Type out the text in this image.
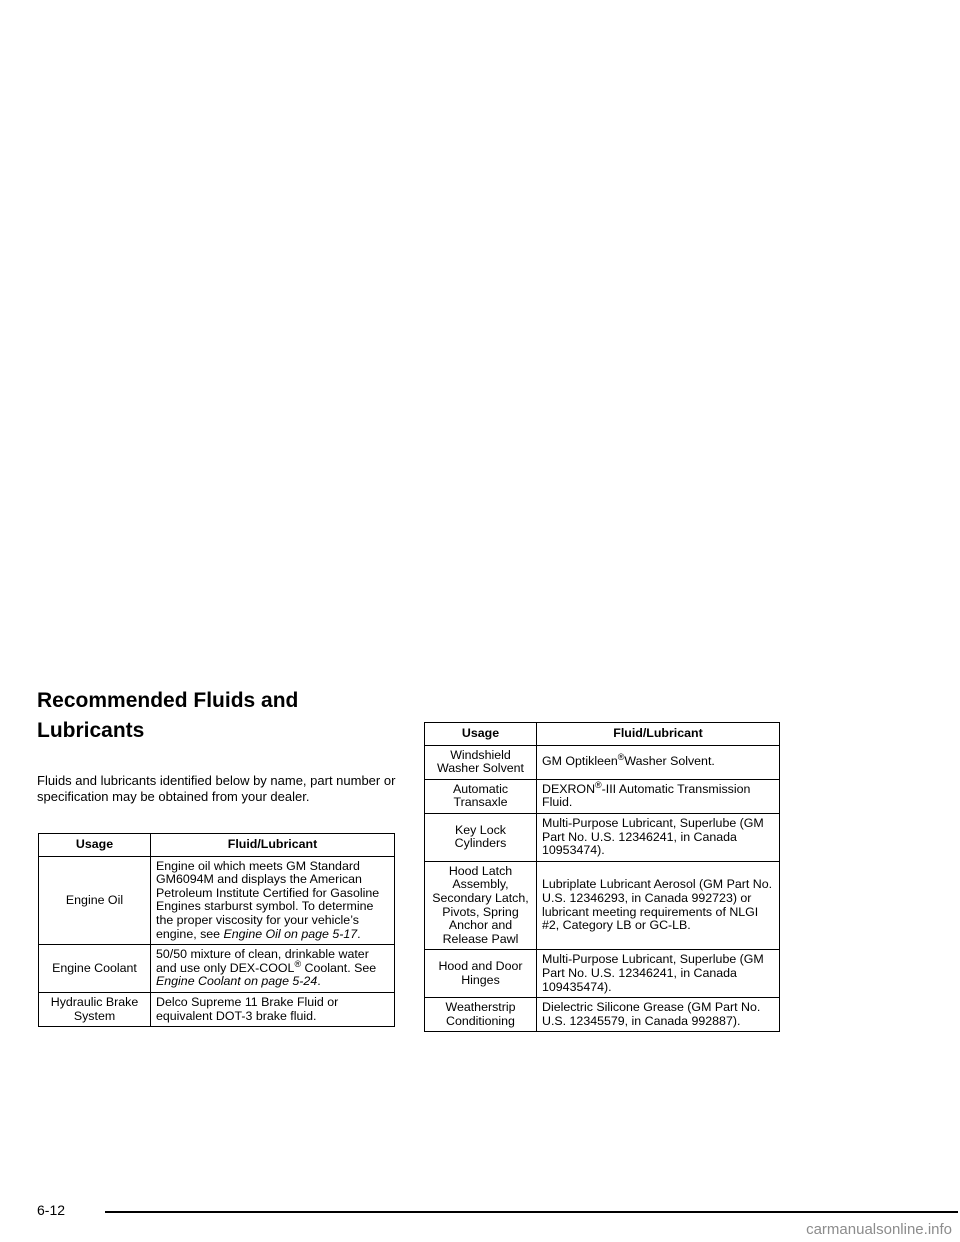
Recommended Fluids and
Lubricants

Fluids and lubricants identified below by name, part number or specification may be obtained from your dealer.

Usage	Fluid/Lubricant
Engine Oil	Engine oil which meets GM Standard GM6094M and displays the American Petroleum Institute Certified for Gasoline Engines starburst symbol. To determine the proper viscosity for your vehicle’s engine, see Engine Oil on page 5-17.
Engine Coolant	50/50 mixture of clean, drinkable water and use only DEX-COOL® Coolant. See Engine Coolant on page 5-24.
Hydraulic Brake System	Delco Supreme 11 Brake Fluid or equivalent DOT-3 brake fluid.
Usage	Fluid/Lubricant
Windshield Washer Solvent	GM Optikleen®Washer Solvent.
Automatic Transaxle	DEXRON®-III Automatic Transmission Fluid.
Key Lock Cylinders	Multi-Purpose Lubricant, Superlube (GM Part No. U.S. 12346241, in Canada 10953474).
Hood Latch Assembly, Secondary Latch, Pivots, Spring Anchor and Release Pawl	Lubriplate Lubricant Aerosol (GM Part No. U.S. 12346293, in Canada 992723) or lubricant meeting requirements of NLGI #2, Category LB or GC-LB.
Hood and Door Hinges	Multi-Purpose Lubricant, Superlube (GM Part No. U.S. 12346241, in Canada 109435474).
Weatherstrip Conditioning	Dielectric Silicone Grease (GM Part No. U.S. 12345579, in Canada 992887).
6-12
carmanualsonline.info
